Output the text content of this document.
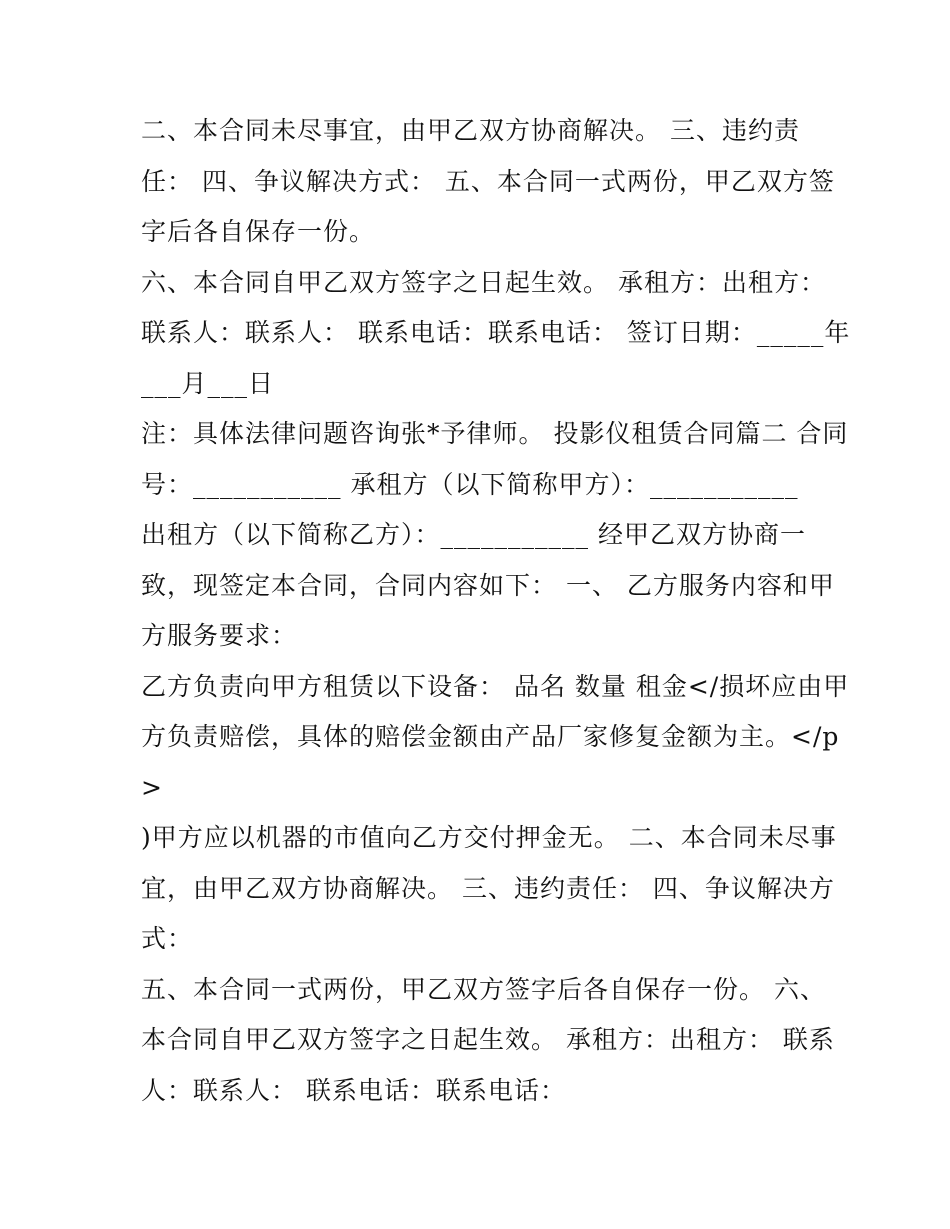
二、本合同未尽事宜，由甲乙双方协商解决。 三、违约责
任： 四、争议解决方式： 五、本合同一式两份，甲乙双方签
字后各自保存一份。
六、本合同自甲乙双方签字之日起生效。 承租方：出租方：
联系人：联系人： 联系电话：联系电话： 签订日期：_____年
___月___日
注：具体法律问题咨询张*予律师。 投影仪租赁合同篇二 合同
号：___________ 承租方（以下简称甲方）：___________
出租方（以下简称乙方）：___________ 经甲乙双方协商一
致，现签定本合同，合同内容如下： 一、 乙方服务内容和甲
方服务要求：
乙方负责向甲方租赁以下设备： 品名 数量 租金</损坏应由甲
方负责赔偿，具体的赔偿金额由产品厂家修复金额为主。</p
>
)甲方应以机器的市值向乙方交付押金无。 二、本合同未尽事
宜，由甲乙双方协商解决。 三、违约责任： 四、争议解决方
式：
五、本合同一式两份，甲乙双方签字后各自保存一份。 六、
本合同自甲乙双方签字之日起生效。 承租方：出租方： 联系
人：联系人： 联系电话：联系电话：
